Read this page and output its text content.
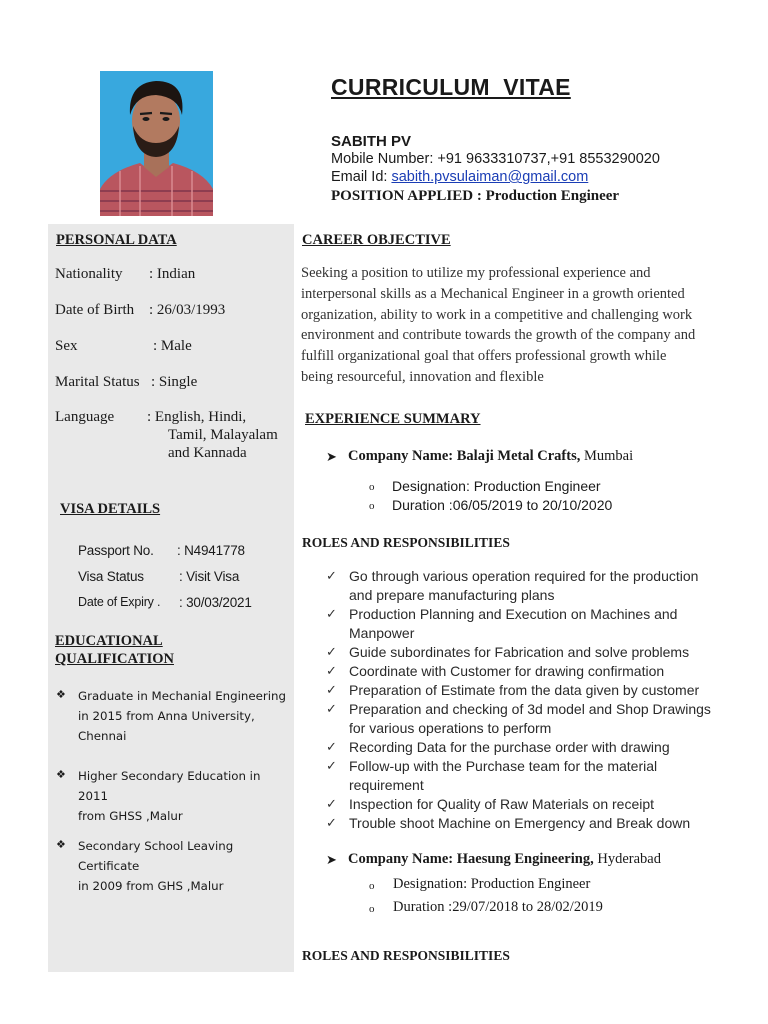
CURRICULUM  VITAE
SABITH PV
Mobile Number: +91 9633310737,+91 8553290020
Email Id: sabith.pvsulaiman@gmail.com
POSITION APPLIED : Production Engineer
PERSONAL DATA
Nationality : Indian
Date of Birth : 26/03/1993
Sex	: Male
Marital Status : Single
Language : English, Hindi,
Tamil, Malayalam
and Kannada
VISA DETAILS
Passport No. : N4941778
Visa Status	: Visit Visa
Date of Expiry . : 30/03/2021
EDUCATIONAL
QUALIFICATION
❖ Graduate in Mechanial Engineering
in 2015 from Anna University,
Chennai
❖ Higher Secondary Education in 2011
from GHSS ,Malur
❖ Secondary School Leaving Certificate
in 2009 from GHS ,Malur
CAREER OBJECTIVE
Seeking a position to utilize my professional experience and
interpersonal skills as a Mechanical Engineer in a growth oriented
organization, ability to work in a competitive and challenging work
environment and contribute towards the growth of the company and
fulfill organizational goal that offers professional growth while
being resourceful, innovation and flexible
EXPERIENCE SUMMARY
➤ Company Name: Balaji Metal Crafts, Mumbai
o Designation: Production Engineer
o Duration :06/05/2019 to 20/10/2020
ROLES AND RESPONSIBILITIES
✓ Go through various operation required for the production
and prepare manufacturing plans
✓ Production Planning and Execution on Machines and
Manpower
✓ Guide subordinates for Fabrication and solve problems
✓ Coordinate with Customer for drawing confirmation
✓ Preparation of Estimate from the data given by customer
✓ Preparation and checking of 3d model and Shop Drawings
for various operations to perform
✓ Recording Data for the purchase order with drawing
✓ Follow-up with the Purchase team for the material
requirement
✓ Inspection for Quality of Raw Materials on receipt
✓ Trouble shoot Machine on Emergency and Break down
➤ Company Name: Haesung Engineering, Hyderabad
o Designation: Production Engineer
o Duration :29/07/2018 to 28/02/2019
ROLES AND RESPONSIBILITIES
